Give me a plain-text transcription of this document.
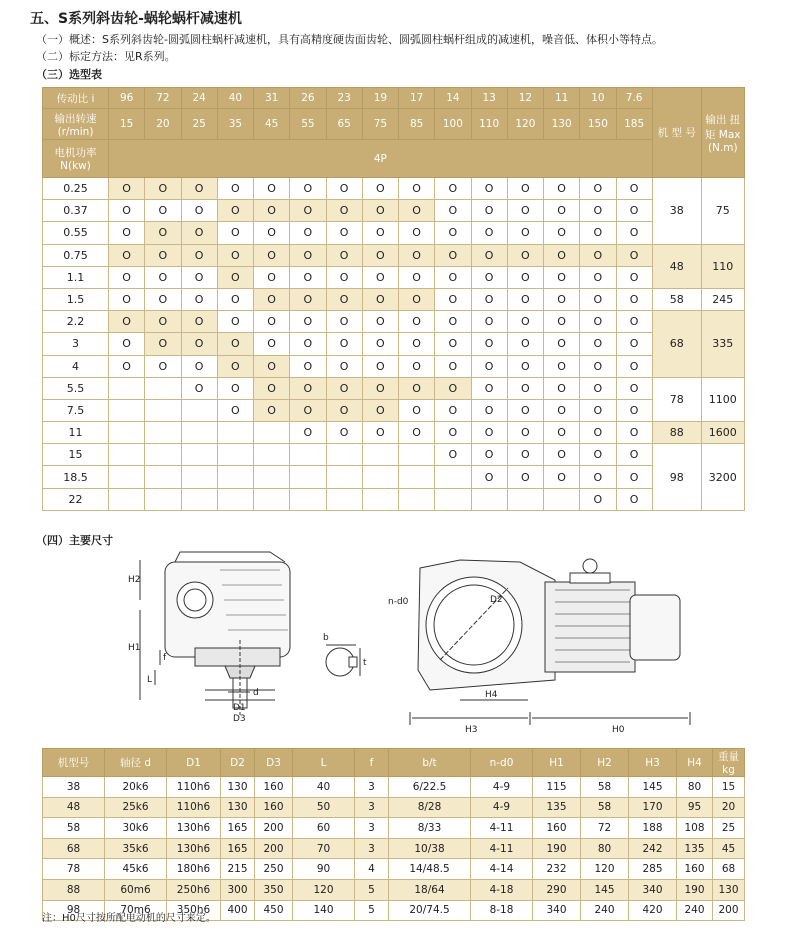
五、S系列斜齿轮-蜗轮蜗杆减速机
（一）概述：S系列斜齿轮-圆弧圆柱蜗杆减速机，具有高精度硬齿面齿轮、圆弧圆柱蜗杆组成的减速机，噪音低、体积小等特点。
（二）标定方法：见R系列。
（三）选型表
传动比 i	96	72	24	40	31	26	23	19	17	14	13	12	11	10	7.6	机 型 号	输出 扭矩 Max (N.m)
输出转速 (r/min)	15	20	25	35	45	55	65	75	85	100	110	120	130	150	185		
电机功率 N(kw)	4P																
0.25	O	O	O	O	O	O	O	O	O	O	O	O	O	O	O	38	75
0.37	O	O	O	O	O	O	O	O	O	O	O	O	O	O	O		
0.55	O	O	O	O	O	O	O	O	O	O	O	O	O	O	O		
0.75	O	O	O	O	O	O	O	O	O	O	O	O	O	O	O	48	110
1.1	O	O	O	O	O	O	O	O	O	O	O	O	O	O	O		
1.5	O	O	O	O	O	O	O	O	O	O	O	O	O	O	O	58	245
2.2	O	O	O	O	O	O	O	O	O	O	O	O	O	O	O	68	335
3	O	O	O	O	O	O	O	O	O	O	O	O	O	O	O		
4	O	O	O	O	O	O	O	O	O	O	O	O	O	O	O		
5.5			O	O	O	O	O	O	O	O	O	O	O	O	O	78	1100
7.5				O	O	O	O	O	O	O	O	O	O	O	O		
11						O	O	O	O	O	O	O	O	O	O	88	1600
15										O	O	O	O	O	O	98	3200
18.5											O	O	O	O	O		
22														O	O		
（四）主要尺寸
H2
H1
f
L
d
D1
D3
b
t
n-d0	D2
H4
H3	H0
机型号	轴径 d	D1	D2	D3	L	f	b/t	n-d0	H1	H2	H3	H4	重量kg
38	20k6	110h6	130	160	40	3	6/22.5	4-9	115	58	145	80	15
48	25k6	110h6	130	160	50	3	8/28	4-9	135	58	170	95	20
58	30k6	130h6	165	200	60	3	8/33	4-11	160	72	188	108	25
68	35k6	130h6	165	200	70	3	10/38	4-11	190	80	242	135	45
78	45k6	180h6	215	250	90	4	14/48.5	4-14	232	120	285	160	68
88	60m6	250h6	300	350	120	5	18/64	4-18	290	145	340	190	130
98	70m6	350h6	400	450	140	5	20/74.5	8-18	340	240	420	240	200
注：H0尺寸按所配电动机的尺寸来定。
